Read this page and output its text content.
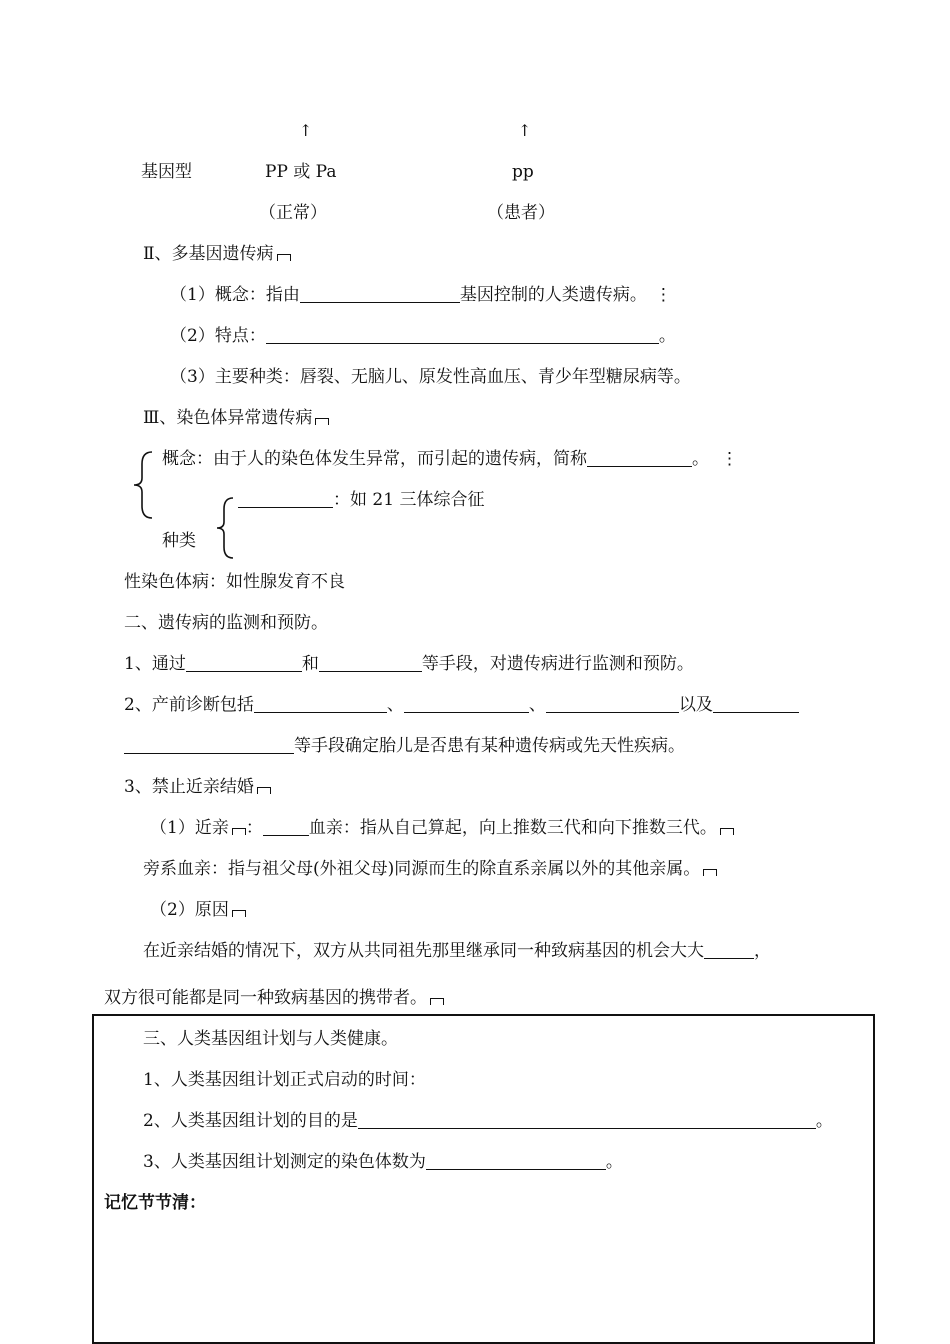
↑	↑
基因型	PP 或 Pa	pp
（正常）	（患者）
Ⅱ、多基因遗传病
（1）概念：指由	基因控制的人类遗传病。 ⋮
（2）特点：	。
（3）主要种类：唇裂、无脑儿、原发性高血压、青少年型糖尿病等。
Ⅲ、染色体异常遗传病
概念：由于人的染色体发生异常，而引起的遗传病，简称	。 ⋮
：如 21 三体综合征
种类
性染色体病：如性腺发育不良
二、遗传病的监测和预防。
1、通过	和	等手段，对遗传病进行监测和预防。
2、产前诊断包括	、	、	以及
等手段确定胎儿是否患有某种遗传病或先天性疾病。
3、禁止近亲结婚
（1）近亲 ：	血亲：指从自己算起，向上推数三代和向下推数三代。
旁系血亲：指与祖父母(外祖父母)同源而生的除直系亲属以外的其他亲属。
（2）原因
在近亲结婚的情况下，双方从共同祖先那里继承同一种致病基因的机会大大	，
双方很可能都是同一种致病基因的携带者。
三、人类基因组计划与人类健康。
1、人类基因组计划正式启动的时间：
2、人类基因组计划的目的是	。
3、人类基因组计划测定的染色体数为	。
记忆节节清：
